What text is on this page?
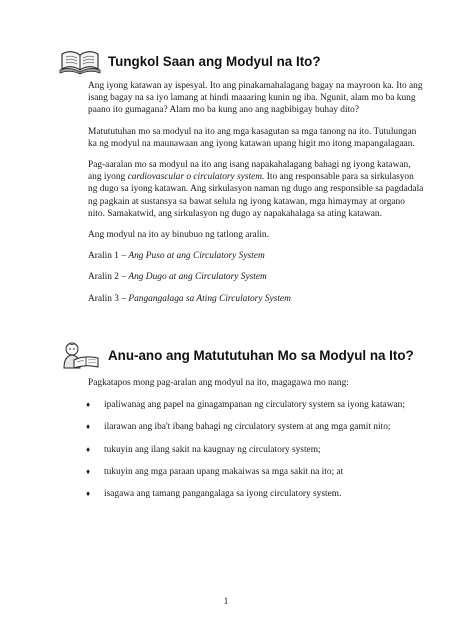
Tungkol Saan ang Modyul na Ito?

Ang iyong katawan ay ispesyal. Ito ang pinakamahalagang bagay na mayroon ka. Ito ang isang bagay na sa iyo lamang at hindi maaaring kunin ng iba. Ngunit, alam mo ba kung paano ito gumagana? Alam mo ba kung ano ang nagbibigay buhay dito?

Matututuhan mo sa modyul na ito ang mga kasagutan sa mga tanong na ito. Tutulungan ka ng modyul na maunawaan ang iyong katawan upang higit mo itong mapangalagaan.

Pag-aaralan mo sa modyul na ito ang isang napakahalagang bahagi ng iyong katawan, ang iyong cardiovascular o circulatory system. Ito ang responsable para sa sirkulasyon ng dugo sa iyong katawan. Ang sirkulasyon naman ng dugo ang responsible sa pagdadala ng pagkain at sustansya sa bawat selula ng iyong katawan, mga himaymay at organo nito. Samakatwid, ang sirkulasyon ng dugo ay napakahalaga sa ating katawan.

Ang modyul na ito ay binubuo ng tatlong aralin.

Aralin 1 – Ang Puso at ang Circulatory System

Aralin 2 – Ang Dugo at ang Circulatory System

Aralin 3 – Pangangalaga sa Ating Circulatory System

Anu-ano ang Matututuhan Mo sa Modyul na Ito?

Pagkatapos mong pag-aralan ang modyul na ito, magagawa mo nang:

♦ ipaliwanag ang papel na ginagampanan ng circulatory system sa iyong katawan;
♦ ilarawan ang iba't ibang bahagi ng circulatory system at ang mga gamit nito;
♦ tukuyin ang ilang sakit na kaugnay ng circulatory system;
♦ tukuyin ang mga paraan upang makaiwas sa mga sakit na ito; at
♦ isagawa ang tamang pangangalaga sa iyong circulatory system.
1
